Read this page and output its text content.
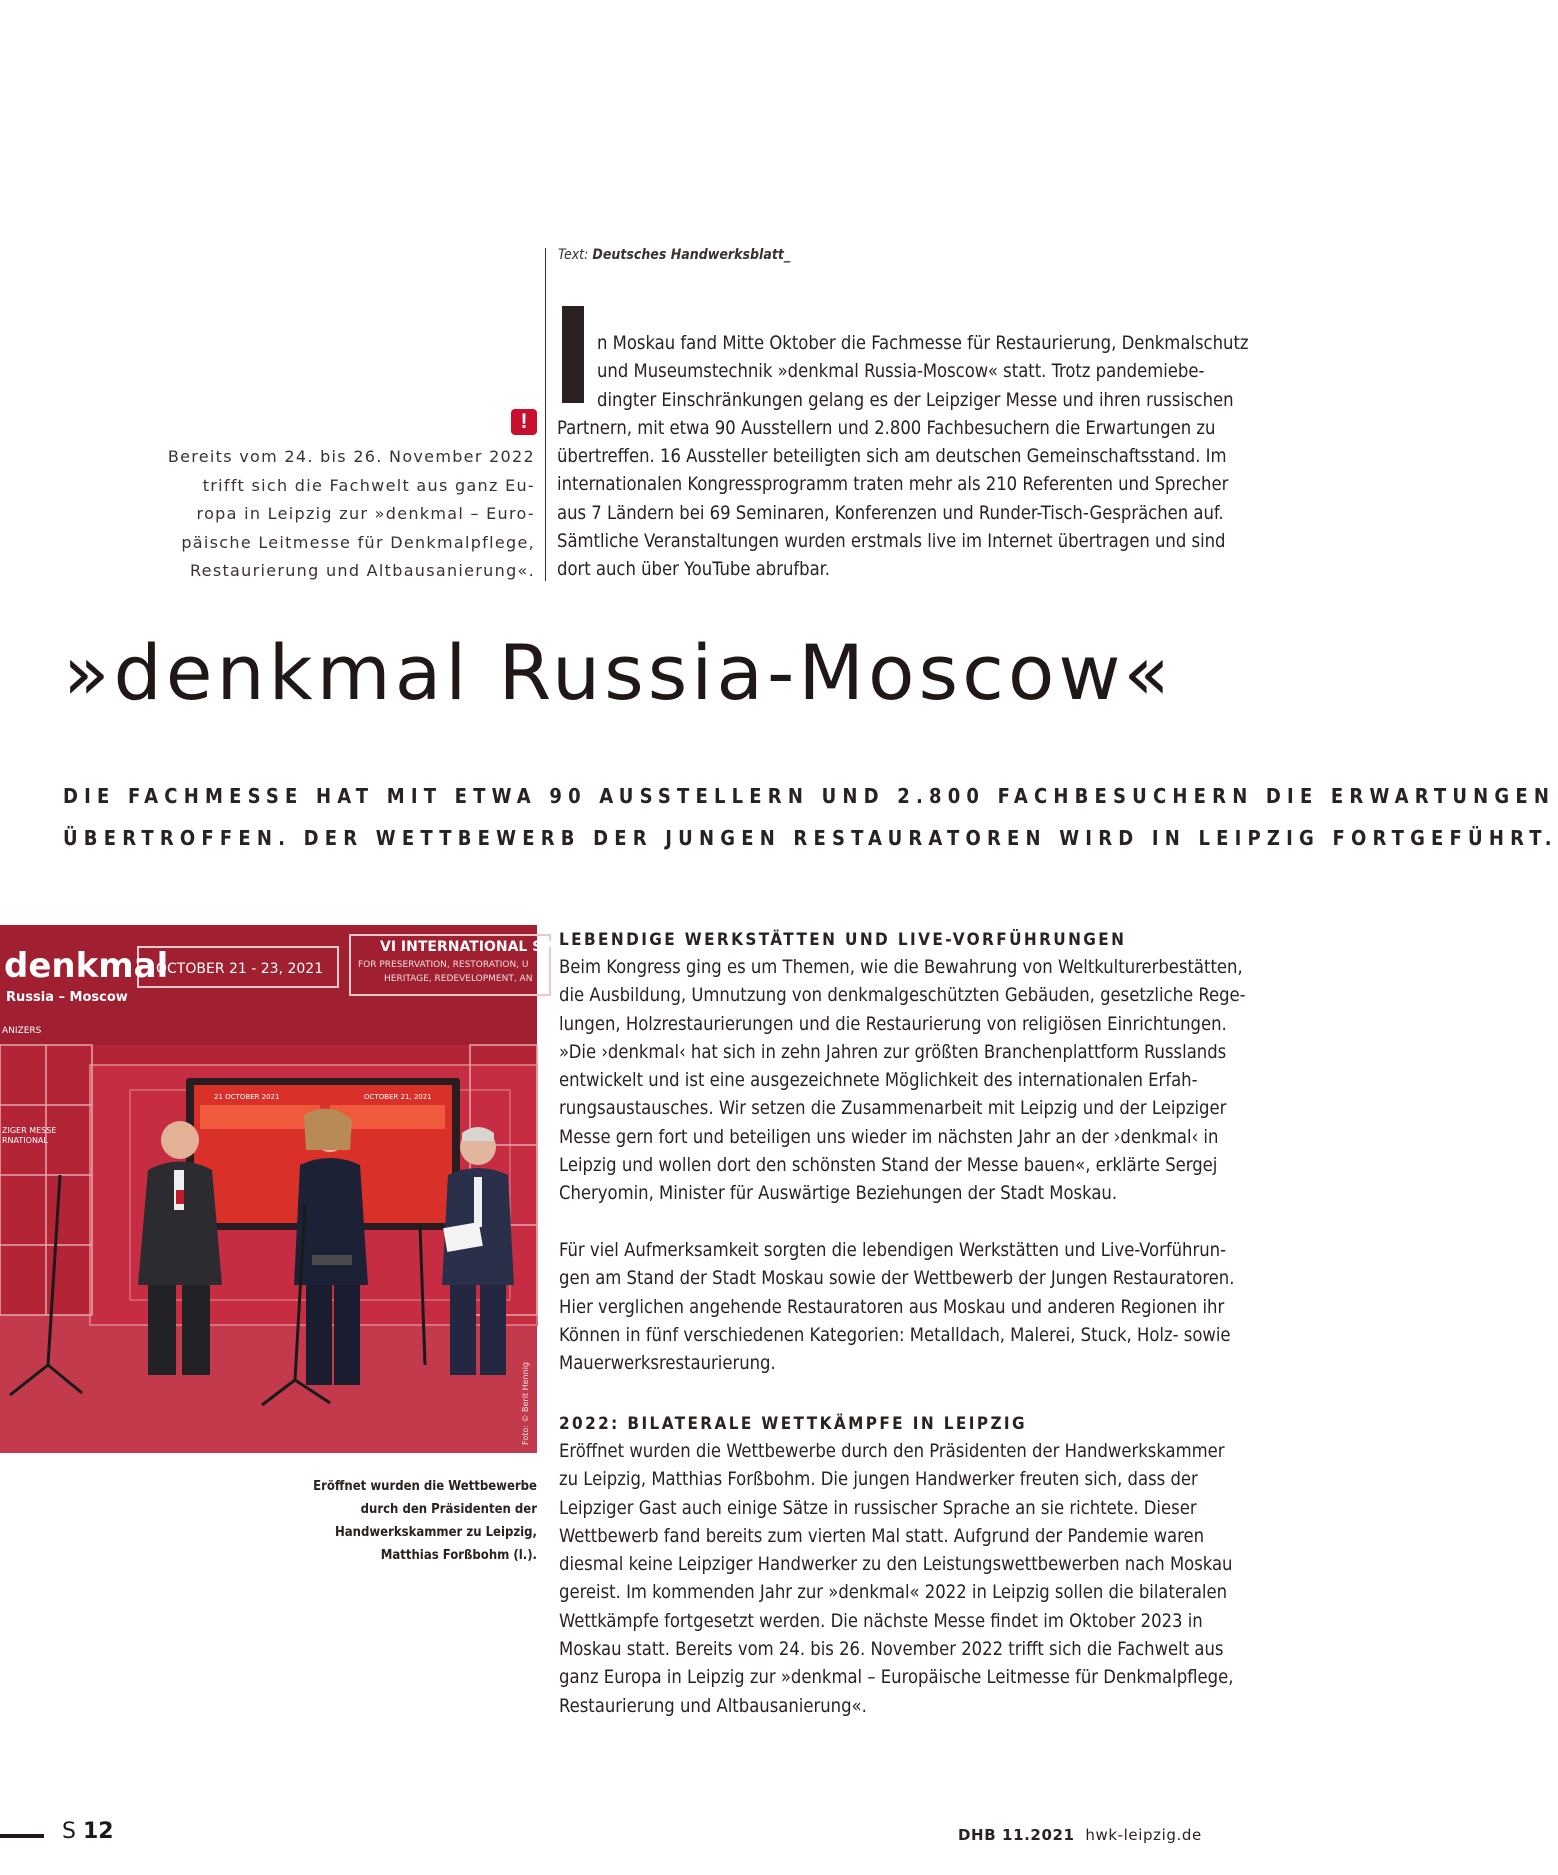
Text: Deutsches Handwerksblatt_
!
Bereits vom 24. bis 26. November 2022
trifft sich die Fachwelt aus ganz Eu-
ropa in Leipzig zur »denkmal – Euro-
päische Leitmesse für Denkmalpflege,
Restaurierung und Altbausanierung«.
n Moskau fand Mitte Oktober die Fachmesse für Restaurierung, Denkmalschutz
und Museumstechnik »denkmal Russia-Moscow« statt. Trotz pandemiebe-
dingter Einschränkungen gelang es der Leipziger Messe und ihren russischen
Partnern, mit etwa 90 Ausstellern und 2.800 Fachbesuchern die Erwartungen zu
übertreffen. 16 Aussteller beteiligten sich am deutschen Gemeinschaftsstand. Im
internationalen Kongressprogramm traten mehr als 210 Referenten und Sprecher
aus 7 Ländern bei 69 Seminaren, Konferenzen und Runder-Tisch-Gesprächen auf.
Sämtliche Veranstaltungen wurden erstmals live im Internet übertragen und sind
dort auch über YouTube abrufbar.
»denkmal Russia-Moscow«
DIE FACHMESSE HAT MIT ETWA 90 AUSSTELLERN UND 2.800 FACHBESUCHERN DIE ERWARTUNGEN
ÜBERTROFFEN. DER WETTBEWERB DER JUNGEN RESTAURATOREN WIRD IN LEIPZIG FORTGEFÜHRT.
denkmal
Russia – Moscow
OCTOBER 21 - 23, 2021
VI INTERNATIONAL SPE
FOR PRESERVATION, RESTORATION, U
HERITAGE, REDEVELOPMENT, AN
ANIZERS
ZIGER MESSE
RNATIONAL
21 OCTOBER 2021	OCTOBER 21, 2021
Foto: © Berit Hennig
Eröffnet wurden die Wettbewerbe
durch den Präsidenten der
Handwerkskammer zu Leipzig,
Matthias Forßbohm (l.).
LEBENDIGE WERKSTÄTTEN UND LIVE-VORFÜHRUNGEN
Beim Kongress ging es um Themen, wie die Bewahrung von Weltkulturerbestätten,
die Ausbildung, Umnutzung von denkmalgeschützten Gebäuden, gesetzliche Rege-
lungen, Holzrestaurierungen und die Restaurierung von religiösen Einrichtungen.
»Die ›denkmal‹ hat sich in zehn Jahren zur größten Branchenplattform Russlands
entwickelt und ist eine ausgezeichnete Möglichkeit des internationalen Erfah-
rungsaustausches. Wir setzen die Zusammenarbeit mit Leipzig und der Leipziger
Messe gern fort und beteiligen uns wieder im nächsten Jahr an der ›denkmal‹ in
Leipzig und wollen dort den schönsten Stand der Messe bauen«, erklärte Sergej
Cheryomin, Minister für Auswärtige Beziehungen der Stadt Moskau.
Für viel Aufmerksamkeit sorgten die lebendigen Werkstätten und Live-Vorführun-
gen am Stand der Stadt Moskau sowie der Wettbewerb der Jungen Restauratoren.
Hier verglichen angehende Restauratoren aus Moskau und anderen Regionen ihr
Können in fünf verschiedenen Kategorien: Metalldach, Malerei, Stuck, Holz- sowie
Mauerwerksrestaurierung.
2022: BILATERALE WETTKÄMPFE IN LEIPZIG
Eröffnet wurden die Wettbewerbe durch den Präsidenten der Handwerkskammer
zu Leipzig, Matthias Forßbohm. Die jungen Handwerker freuten sich, dass der
Leipziger Gast auch einige Sätze in russischer Sprache an sie richtete. Dieser
Wettbewerb fand bereits zum vierten Mal statt. Aufgrund der Pandemie waren
diesmal keine Leipziger Handwerker zu den Leistungswettbewerben nach Moskau
gereist. Im kommenden Jahr zur »denkmal« 2022 in Leipzig sollen die bilateralen
Wettkämpfe fortgesetzt werden. Die nächste Messe findet im Oktober 2023 in
Moskau statt. Bereits vom 24. bis 26. November 2022 trifft sich die Fachwelt aus
ganz Europa in Leipzig zur »denkmal – Europäische Leitmesse für Denkmalpflege,
Restaurierung und Altbausanierung«.
S 12	DHB 11.2021 hwk-leipzig.de
